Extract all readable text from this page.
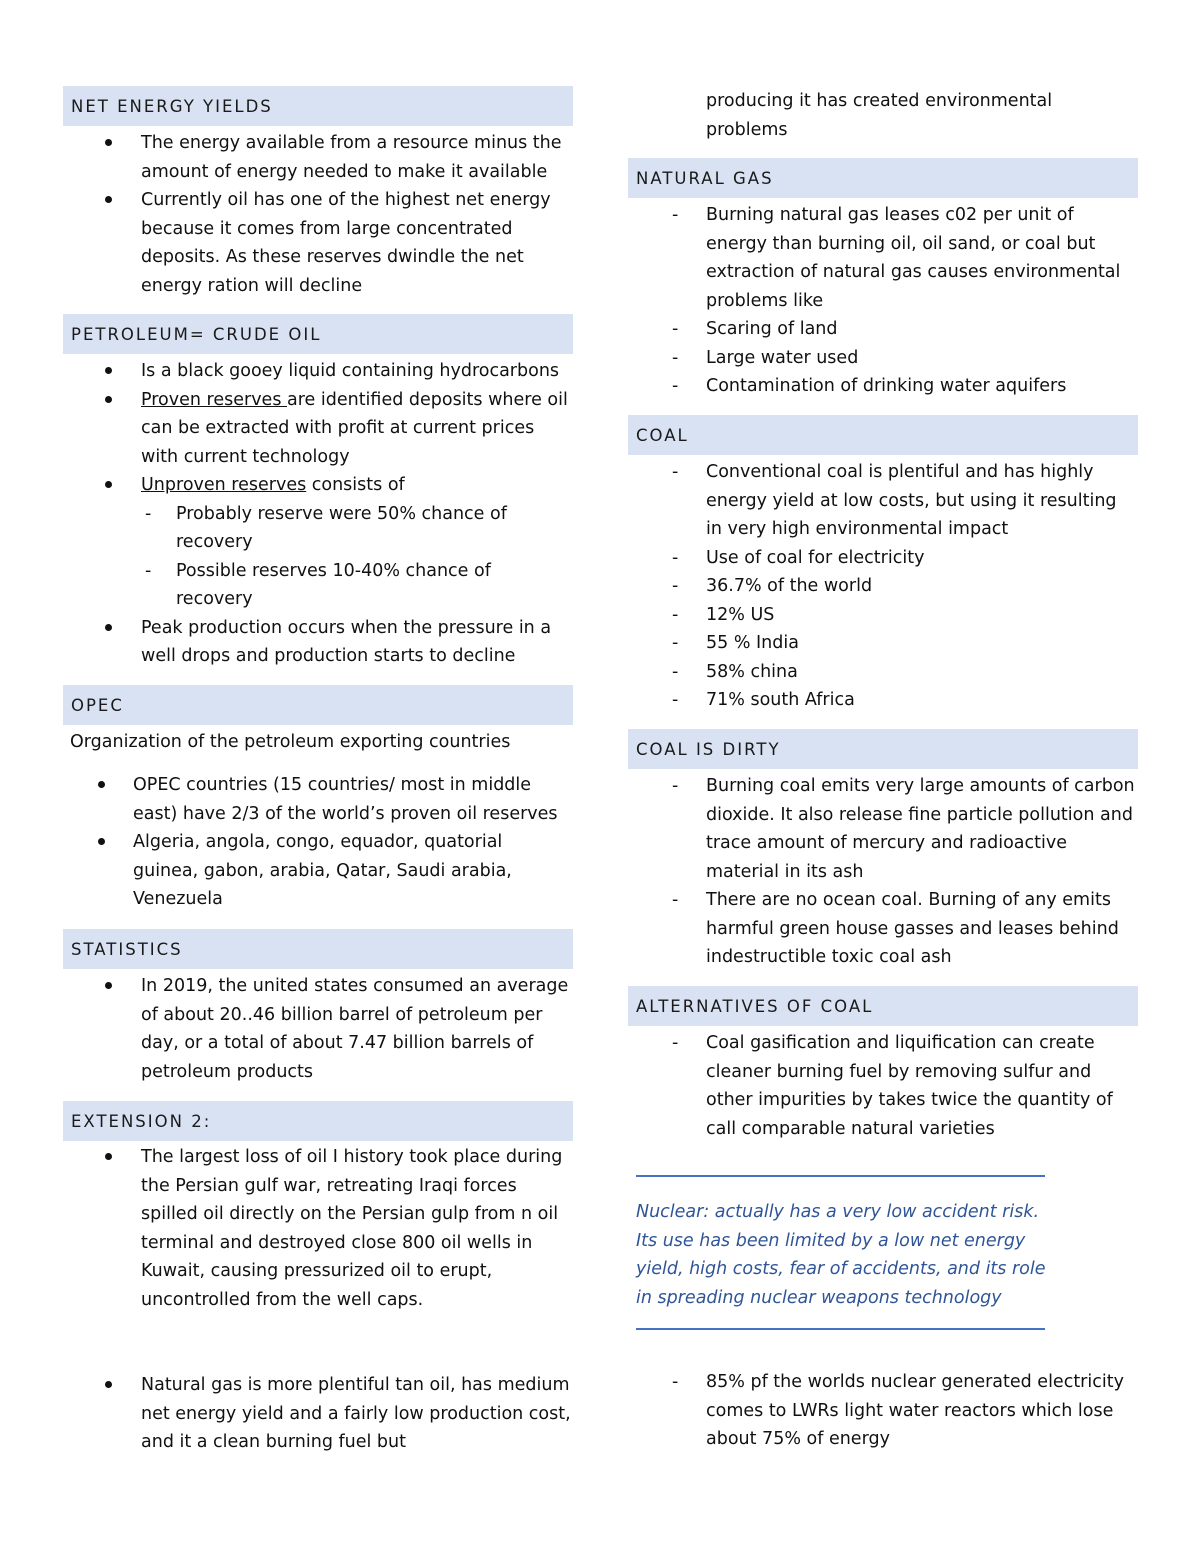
NET ENERGY YIELDS
The energy available from a resource minus the amount of energy needed to make it available
Currently oil has one of the highest net energy because it comes from large concentrated deposits. As these reserves dwindle the net energy ration will decline
PETROLEUM= CRUDE OIL
Is a black gooey liquid containing hydrocarbons
Proven reserves are identified deposits where oil can be extracted with profit at current prices with current technology
Unproven reserves consists of
- Probably reserve were 50% chance of recovery
- Possible reserves 10-40% chance of recovery
Peak production occurs when the pressure in a well drops and production starts to decline
OPEC
Organization of the petroleum exporting countries
OPEC countries (15 countries/ most in middle east) have 2/3 of the world’s proven oil reserves
Algeria, angola, congo, equador, quatorial guinea, gabon, arabia, Qatar, Saudi arabia, Venezuela
STATISTICS
In 2019, the united states consumed an average of about 20..46 billion barrel of petroleum per day, or a total of about 7.47 billion barrels of petroleum products
EXTENSION 2:
The largest loss of oil I history took place during the Persian gulf war, retreating Iraqi forces spilled oil directly on the Persian gulp from n oil terminal and destroyed close 800 oil wells in Kuwait, causing pressurized oil to erupt, uncontrolled from the well caps.
Natural gas is more plentiful tan oil, has medium net energy yield and a fairly low production cost, and it a clean burning fuel but
producing it has created environmental problems
NATURAL GAS
- Burning natural gas leases c02 per unit of energy than burning oil, oil sand, or coal but extraction of natural gas causes environmental problems like
- Scaring of land
- Large water used
- Contamination of drinking water aquifers
COAL
- Conventional coal is plentiful and has highly energy yield at low costs, but using it resulting in very high environmental impact
- Use of coal for electricity
- 36.7% of the world
- 12% US
- 55 % India
- 58% china
- 71% south Africa
COAL IS DIRTY
- Burning coal emits very large amounts of carbon dioxide. It also release fine particle pollution and trace amount of mercury and radioactive material in its ash
- There are no ocean coal. Burning of any emits harmful green house gasses and leases behind indestructible toxic coal ash
ALTERNATIVES OF COAL
- Coal gasification and liquification can create cleaner burning fuel by removing sulfur and other impurities by takes twice the quantity of call comparable natural varieties
Nuclear: actually has a very low accident risk. Its use has been limited by a low net energy yield, high costs, fear of accidents, and its role in spreading nuclear weapons technology
- 85% pf the worlds nuclear generated electricity comes to LWRs light water reactors which lose about 75% of energy
